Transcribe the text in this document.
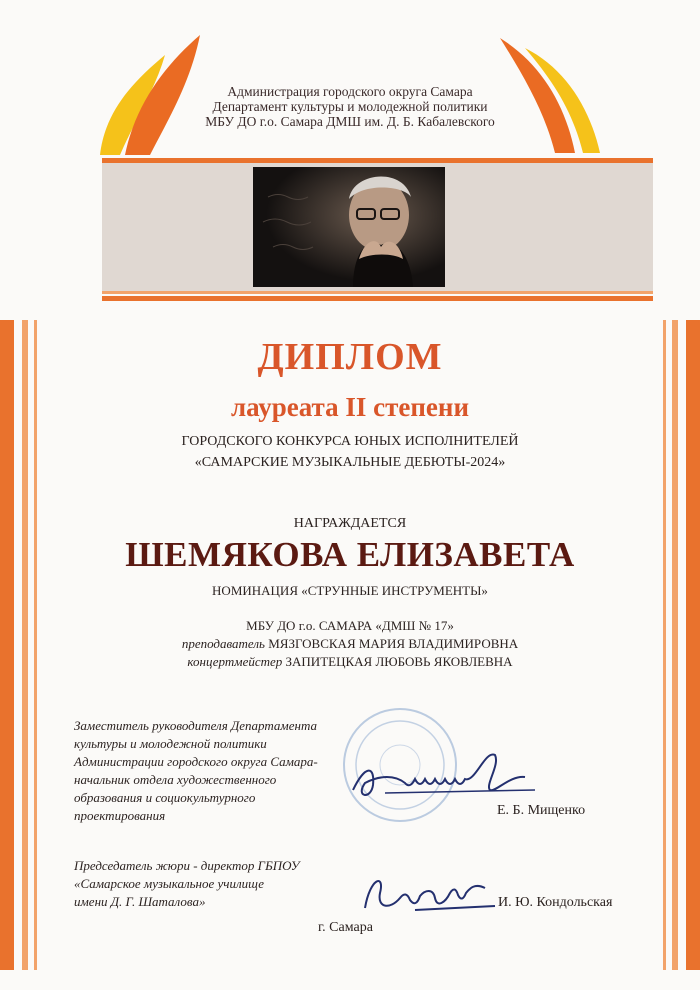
Администрация городского округа Самара
Департамент культуры и молодежной политики
МБУ ДО г.о. Самара ДМШ им. Д. Б. Кабалевского
ДИПЛОМ
лауреата II степени
ГОРОДСКОГО КОНКУРСА ЮНЫХ ИСПОЛНИТЕЛЕЙ
«САМАРСКИЕ МУЗЫКАЛЬНЫЕ ДЕБЮТЫ-2024»
НАГРАЖДАЕТСЯ
ШЕМЯКОВА ЕЛИЗАВЕТА
НОМИНАЦИЯ «СТРУННЫЕ ИНСТРУМЕНТЫ»
МБУ ДО г.о. САМАРА «ДМШ № 17»
преподаватель МЯЗГОВСКАЯ МАРИЯ ВЛАДИМИРОВНА
концертмейстер ЗАПИТЕЦКАЯ ЛЮБОВЬ ЯКОВЛЕВНА
Заместитель руководителя Департамента
культуры и молодежной политики
Администрации городского округа Самара-
начальник отдела художественного
образования и социокультурного
проектирования	Е. Б. Мищенко
Председатель жюри - директор ГБПОУ
«Самарское музыкальное училище
имени Д. Г. Шаталова»	И. Ю. Кондольская
г. Самара
